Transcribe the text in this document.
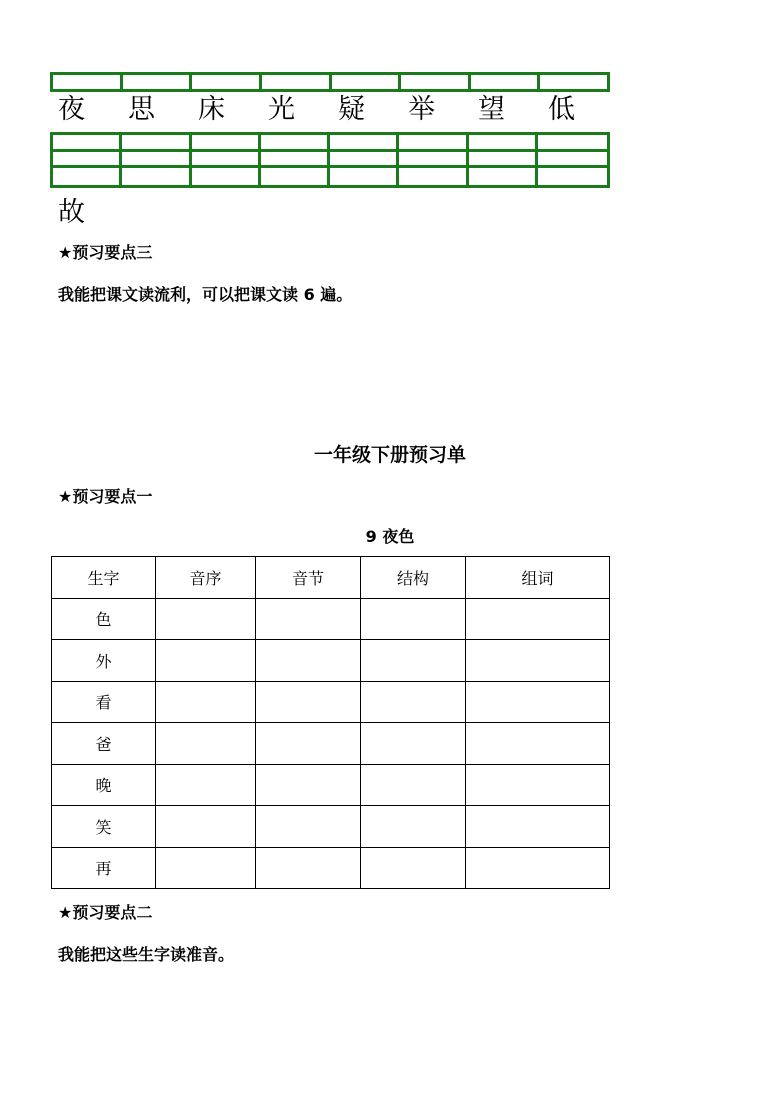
夜	思	床	光	疑	举	望	低
故
★预习要点三
我能把课文读流利，可以把课文读 6 遍。
一年级下册预习单
★预习要点一
9 夜色
生字	音序	音节	结构	组词
色				
外				
看				
爸				
晚				
笑				
再				
★预习要点二
我能把这些生字读准音。
